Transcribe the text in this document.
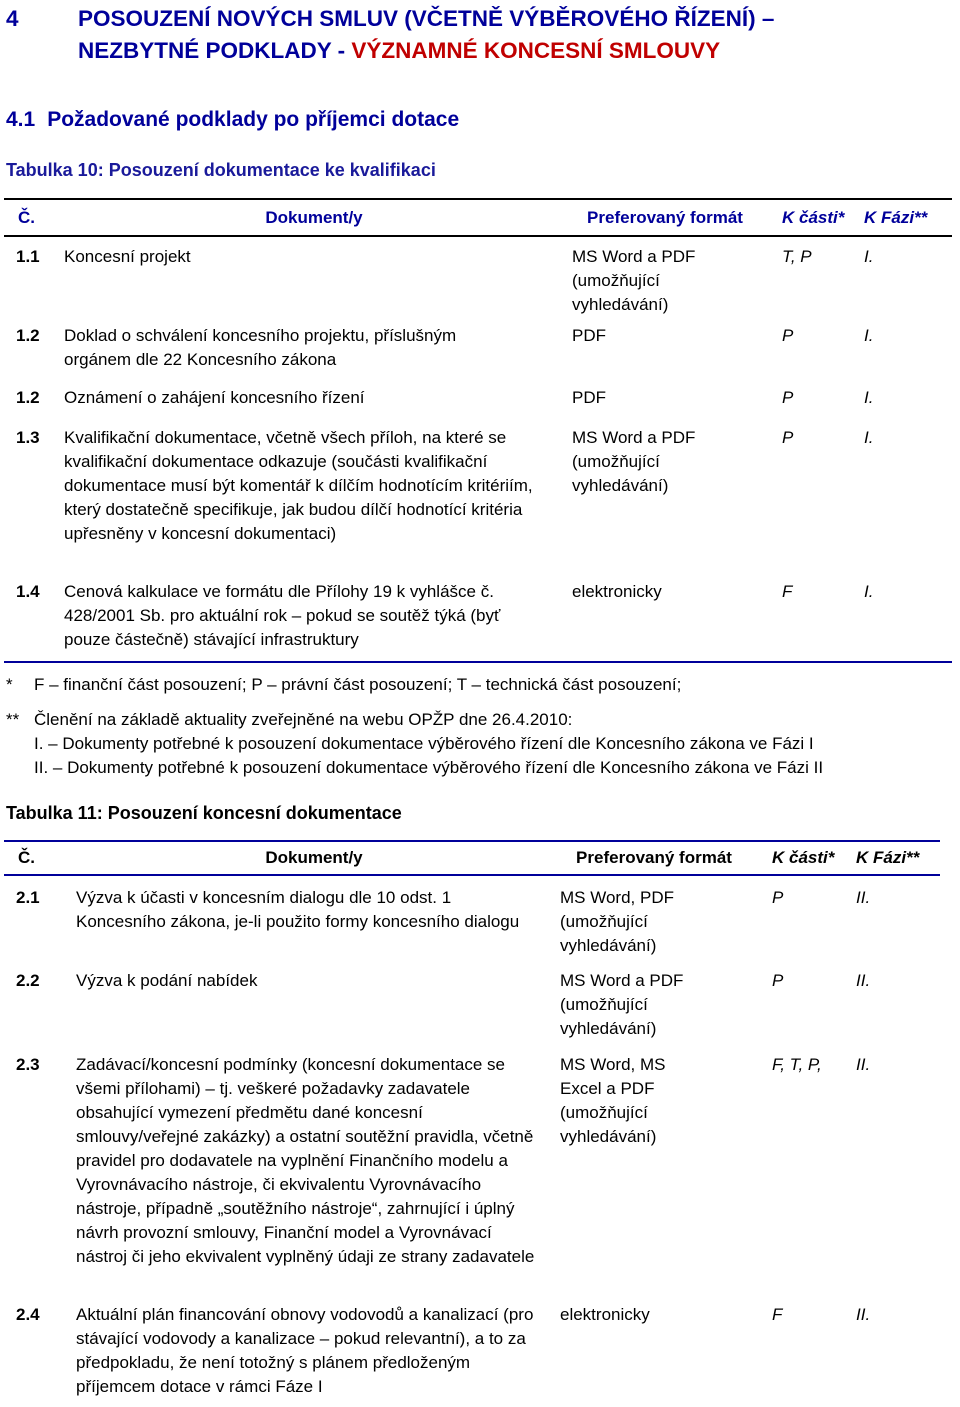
4	POSOUZENÍ NOVÝCH SMLUV (VČETNĚ VÝBĚROVÉHO ŘÍZENÍ) –
NEZBYTNÉ PODKLADY - VÝZNAMNÉ KONCESNÍ SMLOUVY
4.1 Požadované podklady po příjemci dotace
Tabulka 10: Posouzení dokumentace ke kvalifikaci
Č.	Dokument/y	Preferovaný formát	K části*	K Fázi**
1.1	Koncesní projekt	MS Word a PDF (umožňující vyhledávání)	T, P	I.
1.2	Doklad o schválení koncesního projektu, příslušným orgánem dle 22 Koncesního zákona	PDF	P	I.
1.2	Oznámení o zahájení koncesního řízení	PDF	P	I.
1.3	Kvalifikační dokumentace, včetně všech příloh, na které se kvalifikační dokumentace odkazuje (součásti kvalifikační dokumentace musí být komentář k dílčím hodnotícím kritériím, který dostatečně specifikuje, jak budou dílčí hodnotící kritéria upřesněny v koncesní dokumentaci)	MS Word a PDF (umožňující vyhledávání)	P	I.
1.4	Cenová kalkulace ve formátu dle Přílohy 19 k vyhlášce č. 428/2001 Sb. pro aktuální rok – pokud se soutěž týká (byť pouze částečně) stávající infrastruktury	elektronicky	F	I.
* F – finanční část posouzení; P – právní část posouzení; T – technická část posouzení;
** Členění na základě aktuality zveřejněné na webu OPŽP dne 26.4.2010:
I. – Dokumenty potřebné k posouzení dokumentace výběrového řízení dle Koncesního zákona ve Fázi I
II. – Dokumenty potřebné k posouzení dokumentace výběrového řízení dle Koncesního zákona ve Fázi II
Tabulka 11: Posouzení koncesní dokumentace
Č.	Dokument/y	Preferovaný formát	K části*	K Fázi**
2.1	Výzva k účasti v koncesním dialogu dle 10 odst. 1 Koncesního zákona, je-li použito formy koncesního dialogu	MS Word, PDF (umožňující vyhledávání)	P	II.
2.2	Výzva k podání nabídek	MS Word a PDF (umožňující vyhledávání)	P	II.
2.3	Zadávací/koncesní podmínky (koncesní dokumentace se všemi přílohami) – tj. veškeré požadavky zadavatele obsahující vymezení předmětu dané koncesní smlouvy/veřejné zakázky) a ostatní soutěžní pravidla, včetně pravidel pro dodavatele na vyplnění Finančního modelu a Vyrovnávacího nástroje, či ekvivalentu Vyrovnávacího nástroje, případně „soutěžního nástroje“, zahrnující i úplný návrh provozní smlouvy, Finanční model a Vyrovnávací nástroj či jeho ekvivalent vyplněný údaji ze strany zadavatele	MS Word, MS Excel a PDF (umožňující vyhledávání)	F, T, P,	II.
2.4	Aktuální plán financování obnovy vodovodů a kanalizací (pro stávající vodovody a kanalizace – pokud relevantní), a to za předpokladu, že není totožný s plánem předloženým příjemcem dotace v rámci Fáze I	elektronicky	F	II.
